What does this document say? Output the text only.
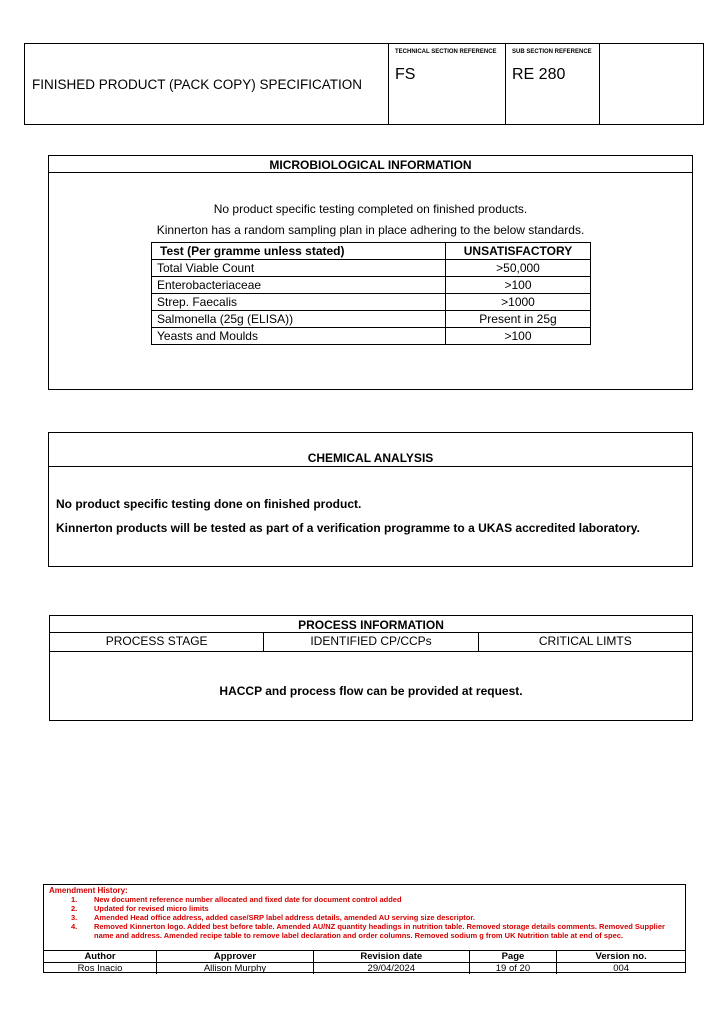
FINISHED PRODUCT (PACK COPY) SPECIFICATION
TECHNICAL SECTION REFERENCE
FS
SUB SECTION REFERENCE
RE 280
MICROBIOLOGICAL INFORMATION
No product specific testing completed on finished products.
Kinnerton has a random sampling plan in place adhering to the below standards.
Test (Per gramme unless stated)	UNSATISFACTORY
Total Viable Count	>50,000
Enterobacteriaceae	>100
Strep. Faecalis	>1000
Salmonella (25g (ELISA))	Present in 25g
Yeasts and Moulds	>100
CHEMICAL ANALYSIS
No product specific testing done on finished product.
Kinnerton products will be tested as part of a verification programme to a UKAS accredited laboratory.
PROCESS INFORMATION
PROCESS STAGE	IDENTIFIED CP/CCPs	CRITICAL LIMTS
HACCP and process flow can be provided at request.
Amendment History:
1. New document reference number allocated and fixed date for document control added
2. Updated for revised micro limits
3. Amended Head office address, added case/SRP label address details, amended AU serving size descriptor.
4. Removed Kinnerton logo. Added best before table. Amended AU/NZ quantity headings in nutrition table. Removed storage details comments. Removed Supplier name and address. Amended recipe table to remove label declaration and order columns. Removed sodium g from UK Nutrition table at end of spec.
Author	Approver	Revision date	Page	Version no.
Ros Inacio	Allison Murphy	29/04/2024	19 of 20	004
